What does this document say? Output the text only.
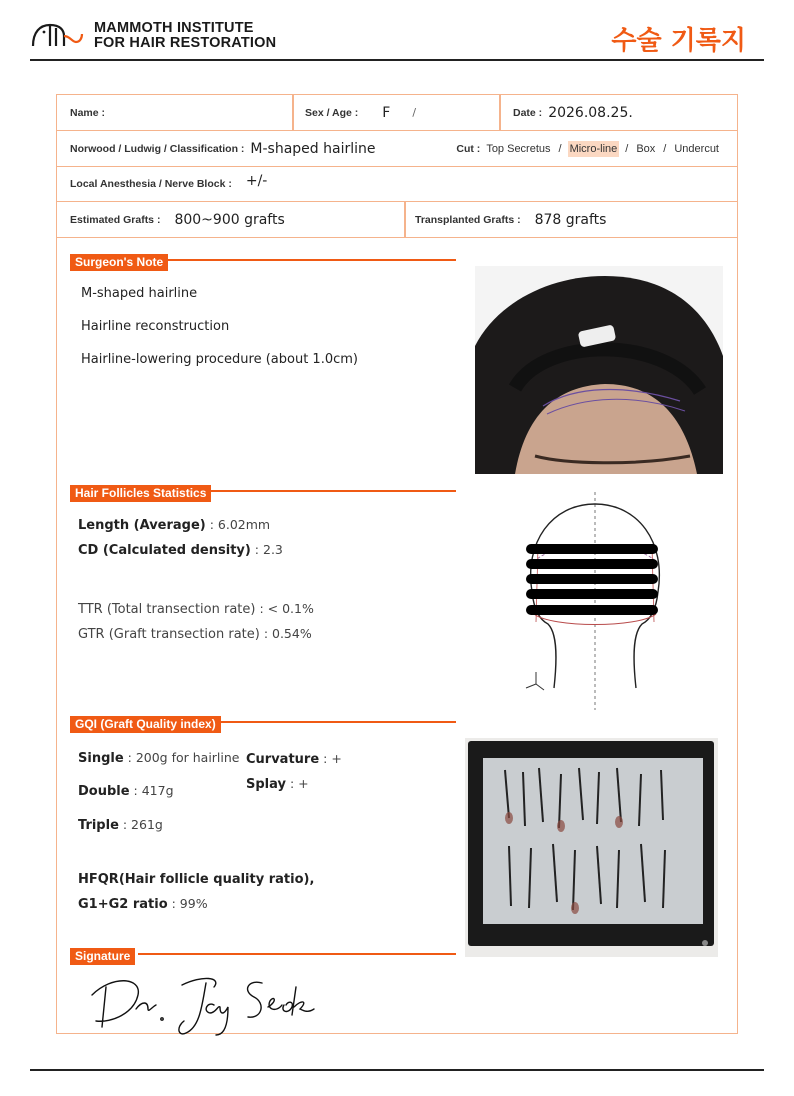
MAMMOTH INSTITUTE
FOR HAIR RESTORATION	수술 기록지
Name :	Sex / Age : F /	Date : 2026.08.25.
Norwood / Ludwig / Classification : M-shaped hairline	Cut : Top Secretus / Micro-line / Box / Undercut
Local Anesthesia / Nerve Block : +/-
Estimated Grafts : 800~900 grafts	Transplanted Grafts : 878 grafts
Surgeon's Note
M-shaped hairline
Hairline reconstruction
Hairline-lowering procedure (about 1.0cm)
Hair Follicles Statistics
Length (Average) : 6.02mm
CD (Calculated density) : 2.3
TTR (Total transection rate) : < 0.1%
GTR (Graft transection rate) : 0.54%
GQI (Graft Quality index)
Single : 200g for hairline Curvature : +
Splay : +
Double : 417g
Triple : 261g
HFQR(Hair follicle quality ratio),
G1+G2 ratio : 99%
Signature
